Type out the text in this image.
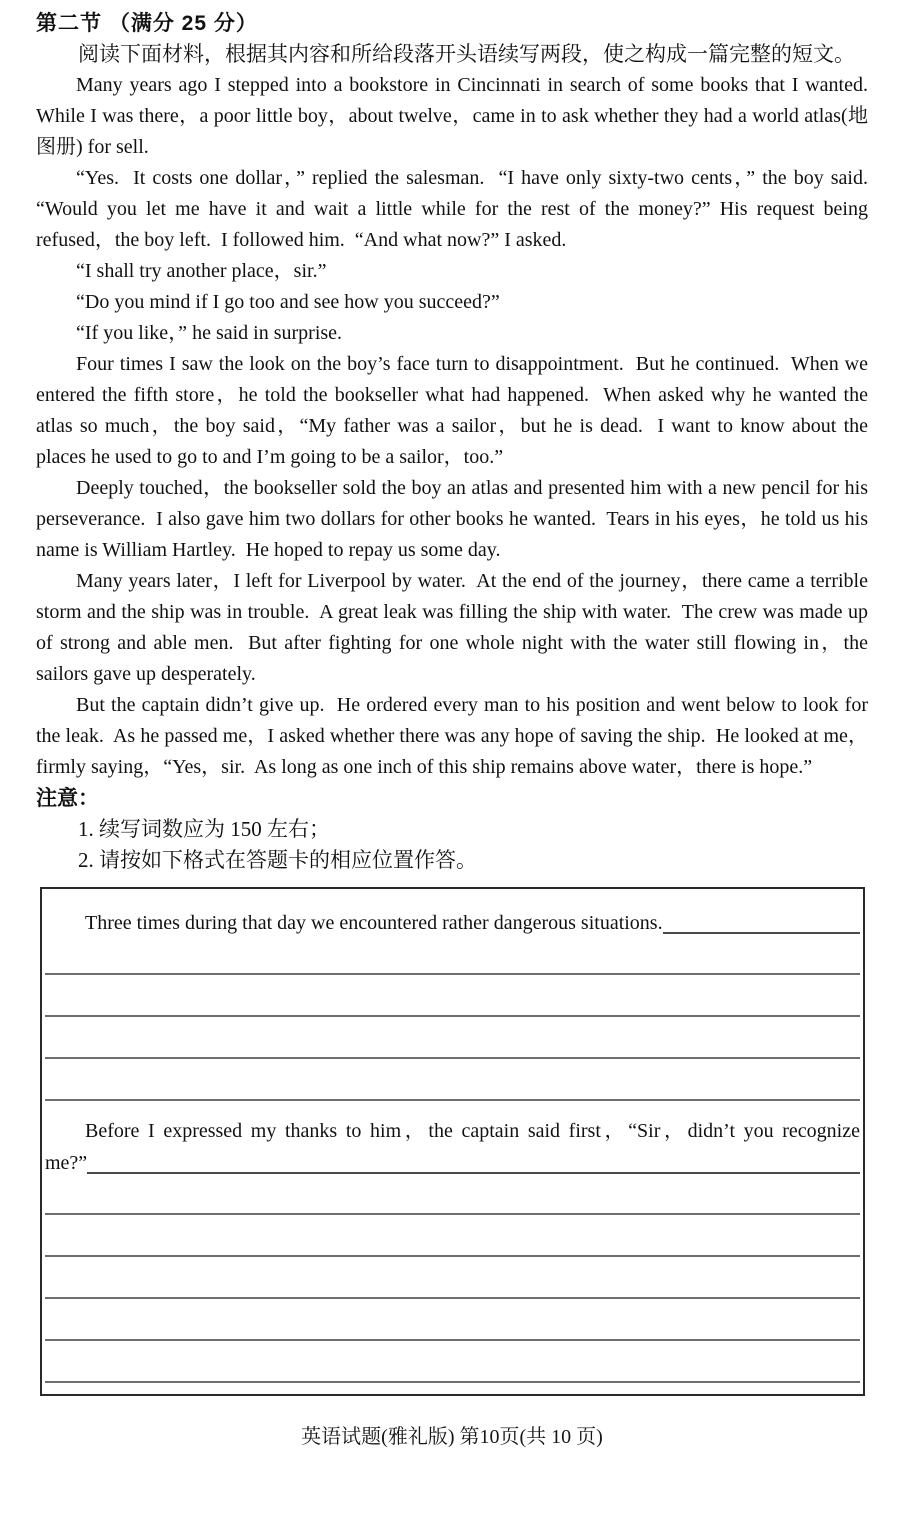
第二节 （满分 25 分）
阅读下面材料，根据其内容和所给段落开头语续写两段，使之构成一篇完整的短文。

Many years ago I stepped into a bookstore in Cincinnati in search of some books that I wanted.  While I was there，a poor little boy，about twelve，came in to ask whether they had a world atlas(地图册) for sell.

“Yes.  It costs one dollar，” replied the salesman.  “I have only sixty-two cents，” the boy said.  “Would you let me have it and wait a little while for the rest of the money?” His request being refused，the boy left.  I followed him.  “And what now?” I asked.

“I shall try another place，sir.”

“Do you mind if I go too and see how you succeed?”

“If you like，” he said in surprise.

Four times I saw the look on the boy’s face turn to disappointment.  But he continued.  When we entered the fifth store，he told the bookseller what had happened.  When asked why he wanted the atlas so much，the boy said，“My father was a sailor，but he is dead.  I want to know about the places he used to go to and I’m going to be a sailor，too.”

Deeply touched，the bookseller sold the boy an atlas and presented him with a new pencil for his perseverance.  I also gave him two dollars for other books he wanted.  Tears in his eyes，he told us his name is William Hartley.  He hoped to repay us some day.

Many years later，I left for Liverpool by water.  At the end of the journey，there came a terrible storm and the ship was in trouble.  A great leak was filling the ship with water.  The crew was made up of strong and able men.  But after fighting for one whole night with the water still flowing in，the sailors gave up desperately.

But the captain didn’t give up.  He ordered every man to his position and went below to look for the leak.  As he passed me，I asked whether there was any hope of saving the ship.  He looked at me，firmly saying，“Yes，sir.  As long as one inch of this ship remains above water，there is hope.”

注意：
1. 续写词数应为 150 左右；
2. 请按如下格式在答题卡的相应位置作答。
Three times during that day we encountered rather dangerous situations.
Before I expressed my thanks to him，the captain said first，“Sir，didn’t you recognize
me?”
英语试题(雅礼版) 第10页(共 10 页)
